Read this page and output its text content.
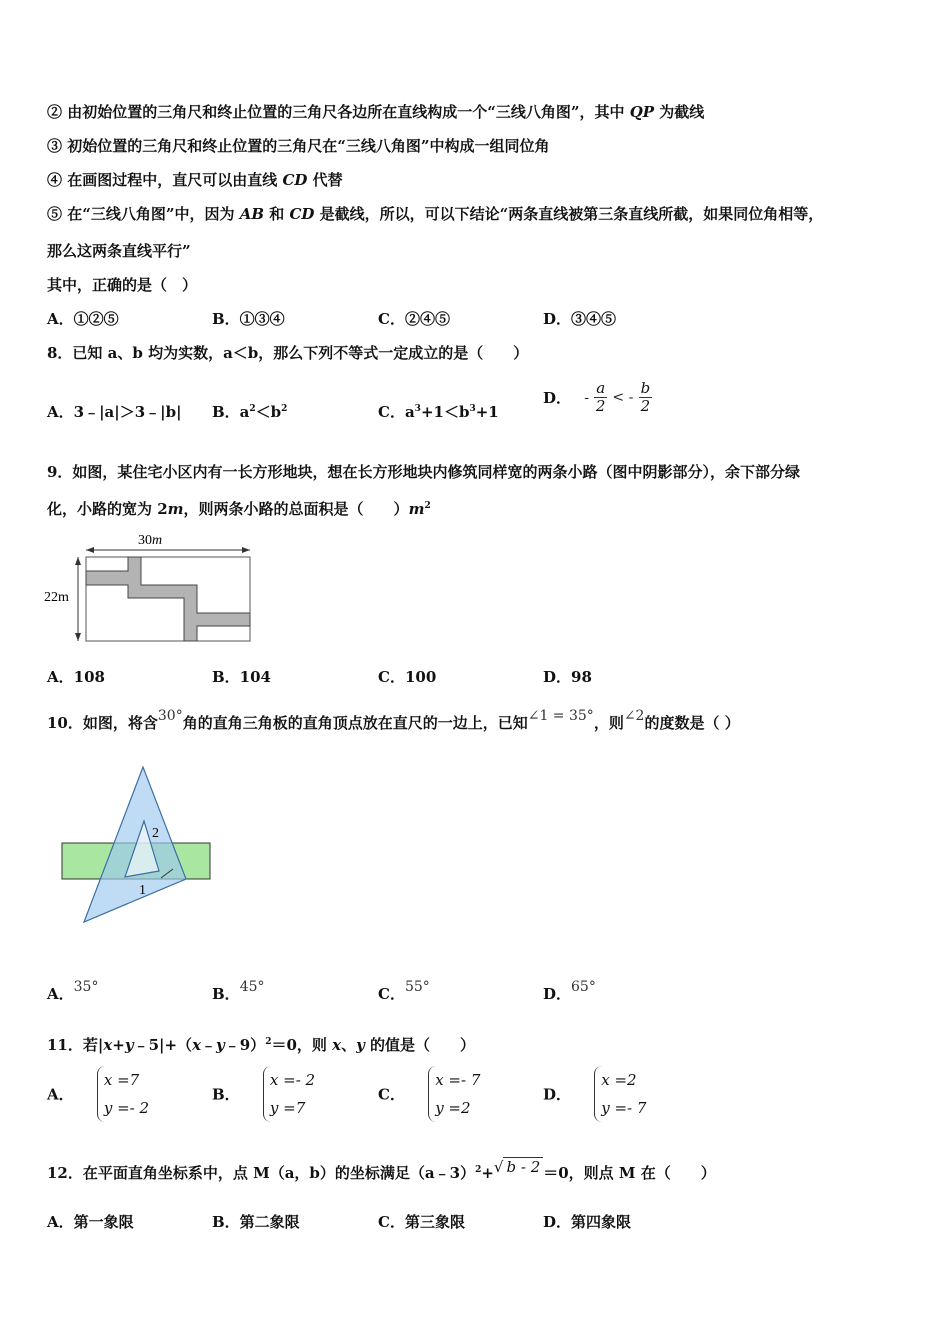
② 由初始位置的三角尺和终止位置的三角尺各边所在直线构成一个“三线八角图”，其中 QP 为截线
③ 初始位置的三角尺和终止位置的三角尺在“三线八角图”中构成一组同位角
④ 在画图过程中，直尺可以由直线 CD 代替
⑤ 在“三线八角图”中，因为 AB 和 CD 是截线，所以，可以下结论“两条直线被第三条直线所截，如果同位角相等，
那么这两条直线平行”
其中，正确的是（　）
A．①②⑤	B．①③④	C．②④⑤	D．③④⑤
8．已知 a、b 均为实数，a＜b，那么下列不等式一定成立的是（　　）
A．3﹣|a|＞3﹣|b| B．$a^2<b^2$	C．$a^3+1<b^3+1$
D． - $\frac{a}{2}$ < - $\frac{b}{2}$
9．如图，某住宅小区内有一长方形地块，想在长方形地块内修筑同样宽的两条小路（图中阴影部分），余下部分绿
化，小路的宽为 2m，则两条小路的总面积是（　　）$m^2$
30m
22m
A．108	B．104	C．100	D．98
10．如图，将含30°角的直角三角板的直角顶点放在直尺的一边上，已知∠1 = 35°，则∠2的度数是（ ）
2
1
A．35°	B．45°	C．55°	D．65°
11．若|x+y﹣5|+（x﹣y﹣9）$^2$＝0，则 x、y 的值是（　　）
A．
x =7
y =- 2
B．
x =- 2
y =7
C．
x =- 7
y =2
D．
x =2
y =- 7
12．在平面直角坐标系中，点 M（a，b）的坐标满足（a﹣3）$^2$+√ b - 2 ＝0，则点 M 在（　　）
A．第一象限	B．第二象限	C．第三象限	D．第四象限
